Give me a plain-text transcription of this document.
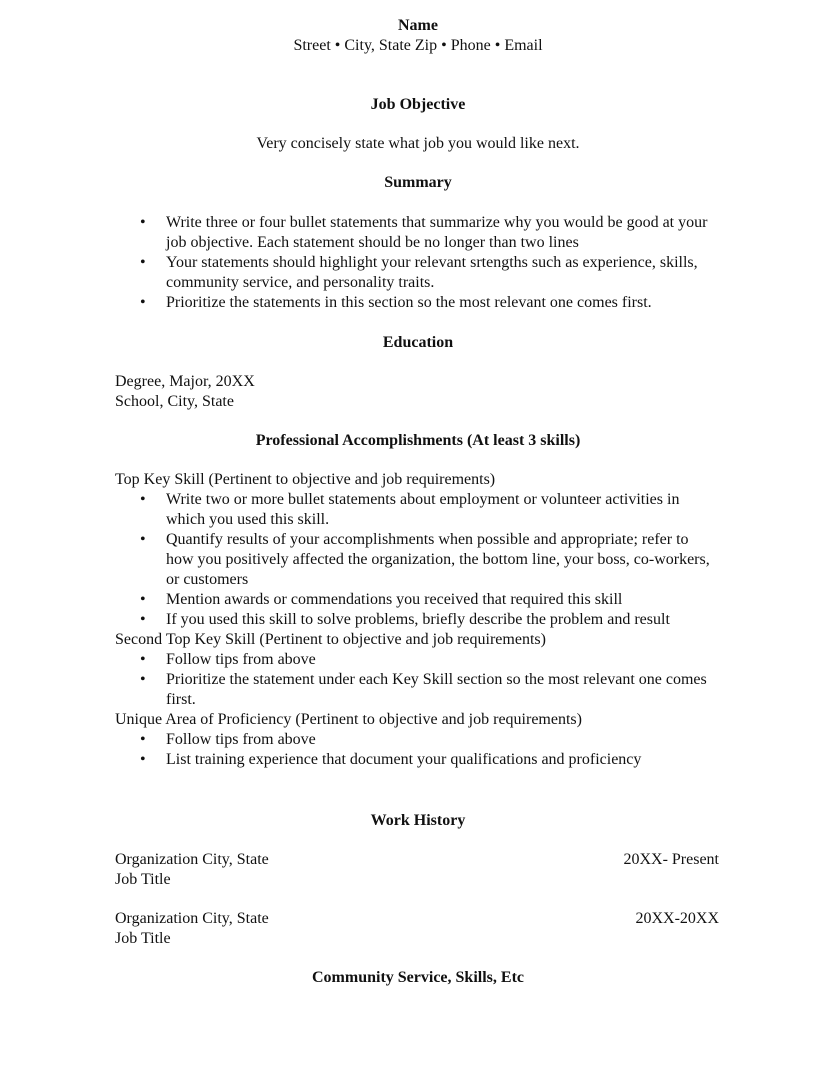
Name
Street • City, State Zip • Phone • Email
Job Objective
Very concisely state what job you would like next.
Summary
• Write three or four bullet statements that summarize why you would be good at your job objective. Each statement should be no longer than two lines
• Your statements should highlight your relevant srtengths such as experience, skills, community service, and personality traits.
• Prioritize the statements in this section so the most relevant one comes first.
Education
Degree, Major, 20XX
School, City, State
Professional Accomplishments (At least 3 skills)
Top Key Skill (Pertinent to objective and job requirements)
• Write two or more bullet statements about employment or volunteer activities in which you used this skill.
• Quantify results of your accomplishments when possible and appropriate; refer to how you positively affected the organization, the bottom line, your boss, co-workers, or customers
• Mention awards or commendations you received that required this skill
• If you used this skill to solve problems, briefly describe the problem and result
Second Top Key Skill (Pertinent to objective and job requirements)
• Follow tips from above
• Prioritize the statement under each Key Skill section so the most relevant one comes first.
Unique Area of Proficiency (Pertinent to objective and job requirements)
• Follow tips from above
• List training experience that document your qualifications and proficiency
Work History
Organization City, State	20XX- Present
Job Title
Organization City, State	20XX-20XX
Job Title
Community Service, Skills, Etc
